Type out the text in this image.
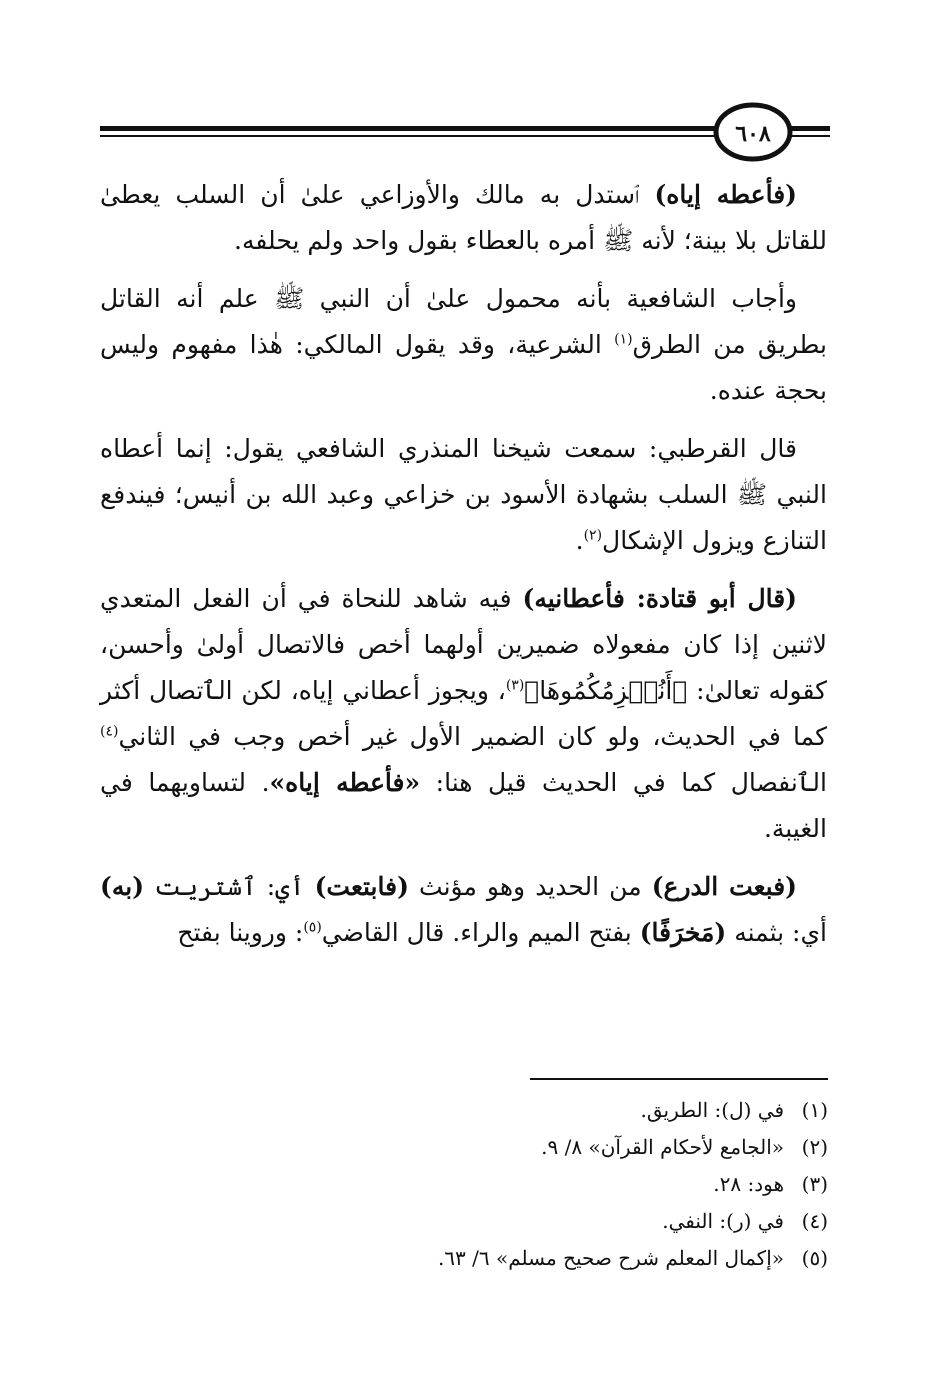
٦٠٨

(فأعطه إياه) ٱستدل به مالك والأوزاعي علىٰ أن السلب يعطىٰ للقاتل بلا بينة؛ لأنه ﷺ أمره بالعطاء بقول واحد ولم يحلفه.

وأجاب الشافعية بأنه محمول علىٰ أن النبي ﷺ علم أنه القاتل بطريق من الطرق$^{(١)}$ الشرعية، وقد يقول المالكي: هٰذا مفهوم وليس بحجة عنده.

قال القرطبي: سمعت شيخنا المنذري الشافعي يقول: إنما أعطاه النبي ﷺ السلب بشهادة الأسود بن خزاعي وعبد الله بن أنيس؛ فيندفع التنازع ويزول الإشكال$^{(٢)}$.

(قال أبو قتادة: فأعطانيه) فيه شاهد للنحاة في أن الفعل المتعدي لاثنين إذا كان مفعولاه ضميرين أولهما أخص فالاتصال أولىٰ وأحسن، كقوله تعالىٰ: ﴿أَنُلۡزِمُكُمُوهَا﴾$^{(٣)}$، ويجوز أعطاني إياه، لكن الٱتصال أكثر كما في الحديث، ولو كان الضمير الأول غير أخص وجب في الثاني$^{(٤)}$ الٱنفصال كما في الحديث قيل هنا: «فأعطه إياه». لتساويهما في الغيبة.

(فبعت الدرع) من الحديد وهو مؤنث (فابتعت) أي: ٱشتريت (به) أي: بثمنه (مَخرَفًا) بفتح الميم والراء. قال القاضي$^{(٥)}$: وروينا بفتح

(١)في (ل): الطريق.
(٢)«الجامع لأحكام القرآن» ٨/ ٩.
(٣)هود: ٢٨.
(٤)في (ر): النفي.
(٥)«إكمال المعلم شرح صحيح مسلم» ٦/ ٦٣.
